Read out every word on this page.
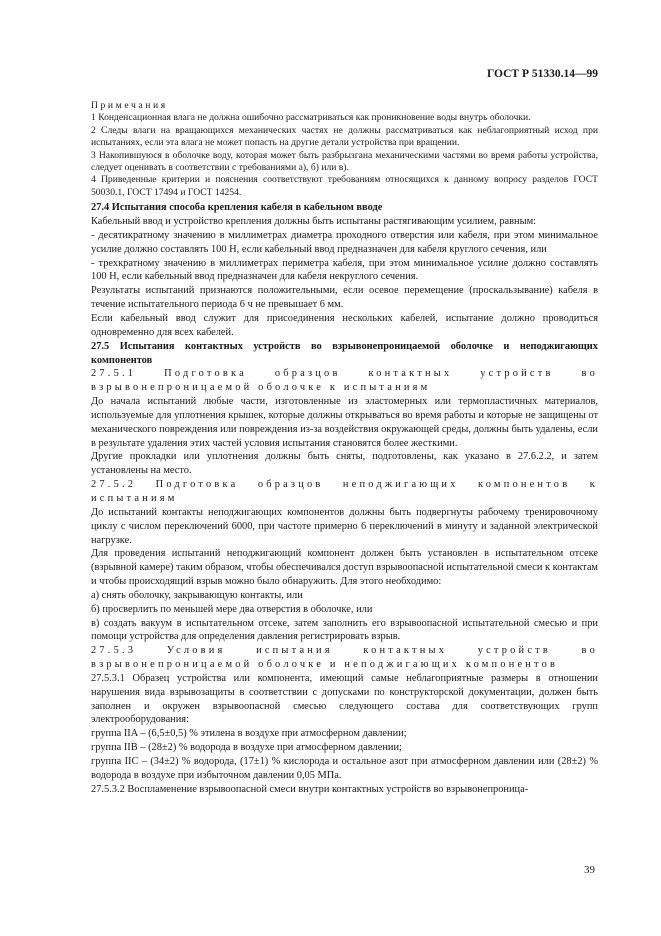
ГОСТ Р 51330.14—99

Примечания

1 Конденсационная влага не должна ошибочно рассматриваться как проникновение воды внутрь оболочки.

2 Следы влаги на вращающихся механических частях не должны рассматриваться как неблагоприятный исход при испытаниях, если эта влага не может попасть на другие детали устройства при вращении.

3 Накопившуюся в оболочке воду, которая может быть разбрызгана механическими частями во время работы устройства, следует оценивать в соответствии с требованиями а), б) или в).

4 Приведенные критерии и пояснения соответствуют требованиям относящихся к данному вопросу разделов ГОСТ 50030.1, ГОСТ 17494 и ГОСТ 14254.

27.4 Испытания способа крепления кабеля в кабельном вводе

Кабельный ввод и устройство крепления должны быть испытаны растягивающим усилием, равным:

- десятикратному значению в миллиметрах диаметра проходного отверстия или кабеля, при этом минимальное усилие должно составлять 100 Н, если кабельный ввод предназначен для кабеля круглого сечения, или

- трехкратному значению в миллиметрах периметра кабеля, при этом минимальное усилие должно составлять 100 Н, если кабельный ввод предназначен для кабеля некруглого сечения.

Результаты испытаний признаются положительными, если осевое перемещение (проскальзывание) кабеля в течение испытательного периода 6 ч не превышает 6 мм.

Если кабельный ввод служит для присоединения нескольких кабелей, испытание должно проводиться одновременно для всех кабелей.

27.5 Испытания контактных устройств во взрывонепроницаемой оболочке и неподжигающих компонентов

27.5.1 Подготовка образцов контактных устройств во взрывонепроницаемой оболочке к испытаниям

До начала испытаний любые части, изготовленные из эластомерных или термопластичных материалов, используемые для уплотнения крышек, которые должны открываться во время работы и которые не защищены от механического повреждения или повреждения из-за воздействия окружающей среды, должны быть удалены, если в результате удаления этих частей условия испытания становятся более жесткими.

Другие прокладки или уплотнения должны быть сняты, подготовлены, как указано в 27.6.2.2, и затем установлены на место.

27.5.2 Подготовка образцов неподжигающих компонентов к испытаниям

До испытаний контакты неподжигающих компонентов должны быть подвергнуты рабочему тренировочному циклу с числом переключений 6000, при частоте примерно 6 переключений в минуту и заданной электрической нагрузке.

Для проведения испытаний неподжигающий компонент должен быть установлен в испытательном отсеке (взрывной камере) таким образом, чтобы обеспечивался доступ взрывоопасной испытательной смеси к контактам и чтобы происходящий взрыв можно было обнаружить. Для этого необходимо:

а) снять оболочку, закрывающую контакты, или

б) просверлить по меньшей мере два отверстия в оболочке, или

в) создать вакуум в испытательном отсеке, затем заполнить его взрывоопасной испытательной смесью и при помощи устройства для определения давления регистрировать взрыв.

27.5.3 Условия испытания контактных устройств во взрывонепроницаемой оболочке и неподжигающих компонентов

27.5.3.1 Образец устройства или компонента, имеющий самые неблагоприятные размеры в отношении нарушения вида взрывозащиты в соответствии с допусками по конструкторской документации, должен быть заполнен и окружен взрывоопасной смесью следующего состава для соответствующих групп электрооборудования:

группа IIA – (6,5±0,5) % этилена в воздухе при атмосферном давлении;

группа IIB – (28±2) % водорода в воздухе при атмосферном давлении;

группа IIC – (34±2) % водорода, (17±1) % кислорода и остальное азот при атмосферном давлении или (28±2) % водорода в воздухе при избыточном давлении 0,05 МПа.

27.5.3.2 Воспламенение взрывоопасной смеси внутри контактных устройств во взрывонепроница-

39
